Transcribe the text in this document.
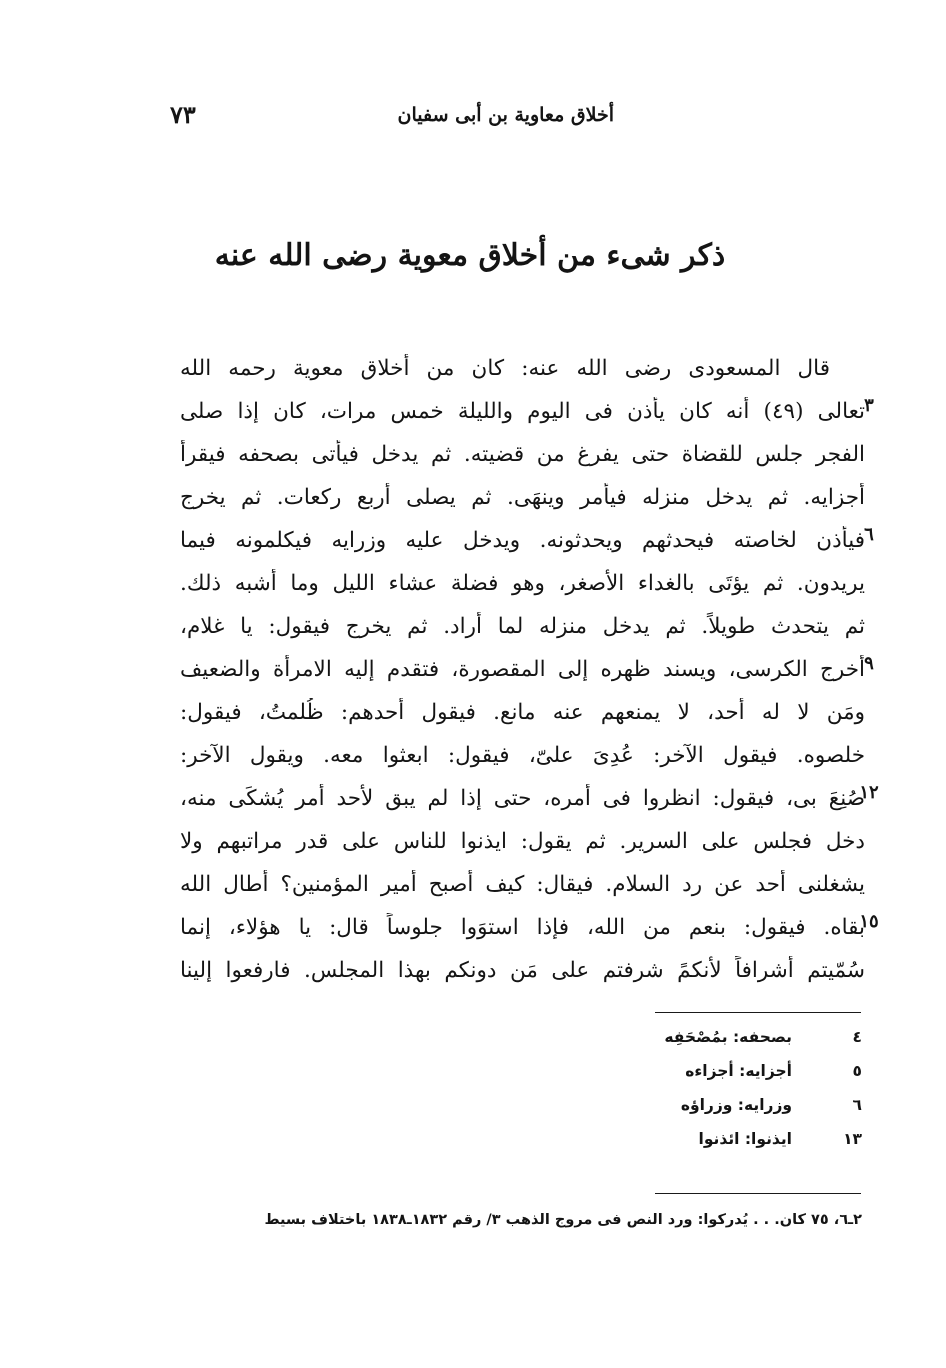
أخلاق معاوية بن أبى سفيان
٧٣
ذكر شىء من أخلاق معوية رضى الله عنه
قال المسعودى رضى الله عنه: كان من أخلاق معوية رحمه الله
٣
تعالى (٤٩) أنه كان يأذن فى اليوم والليلة خمس مرات، كان إذا صلى
الفجر جلس للقضاة حتى يفرغ من قضيته. ثم يدخل فيأتى بصحفه فيقرأ
أجزايه. ثم يدخل منزله فيأمر وينهَى. ثم يصلى أربع ركعات. ثم يخرج
٦
فيأذن لخاصته فيحدثهم ويحدثونه. ويدخل عليه وزرايه فيكلمونه فيما
يريدون. ثم يؤتَى بالغداء الأصغر، وهو فضلة عشاء الليل وما أشبه ذلك.
ثم يتحدث طويلاً. ثم يدخل منزله لما أراد. ثم يخرج فيقول: يا غلام،
٩
أخرج الكرسى، ويسند ظهره إلى المقصورة، فتقدم إليه الامرأة والضعيف
ومَن لا له أحد، لا يمنعهم عنه مانع. فيقول أحدهم: ظُلمتُ، فيقول:
خلصوه. فيقول الآخر: عُدِىَ علىّ، فيقول: ابعثوا معه. ويقول الآخر:
١٢
صُنِعَ بى، فيقول: انظروا فى أمره، حتى إذا لم يبق لأحد أمر يُشكَى منه،
دخل فجلس على السرير. ثم يقول: ايذنوا للناس على قدر مراتبهم ولا
يشغلنى أحد عن رد السلام. فيقال: كيف أصبح أمير المؤمنين؟ أطال الله
١٥
بقاه. فيقول: بنعم من الله، فإذا استوَوا جلوساً قال: يا هؤلاء، إنما
سُمّيتم أشرافاً لأنكمً شرفتم على مَن دونكم بهذا المجلس. فارفعوا إلينا
٤
بصحفه: بمُصْحَفِه
٥
أجزايه: أجزاءه
٦
وزرايه: وزراؤه
١٣
ايذنوا: ائذنوا
٢ـ٦، ٧٥ كان. . . يُدركوا: ورد النص فى مروج الذهب ٣/ رقم ١٨٣٢ـ١٨٣٨ باختلاف بسيط
